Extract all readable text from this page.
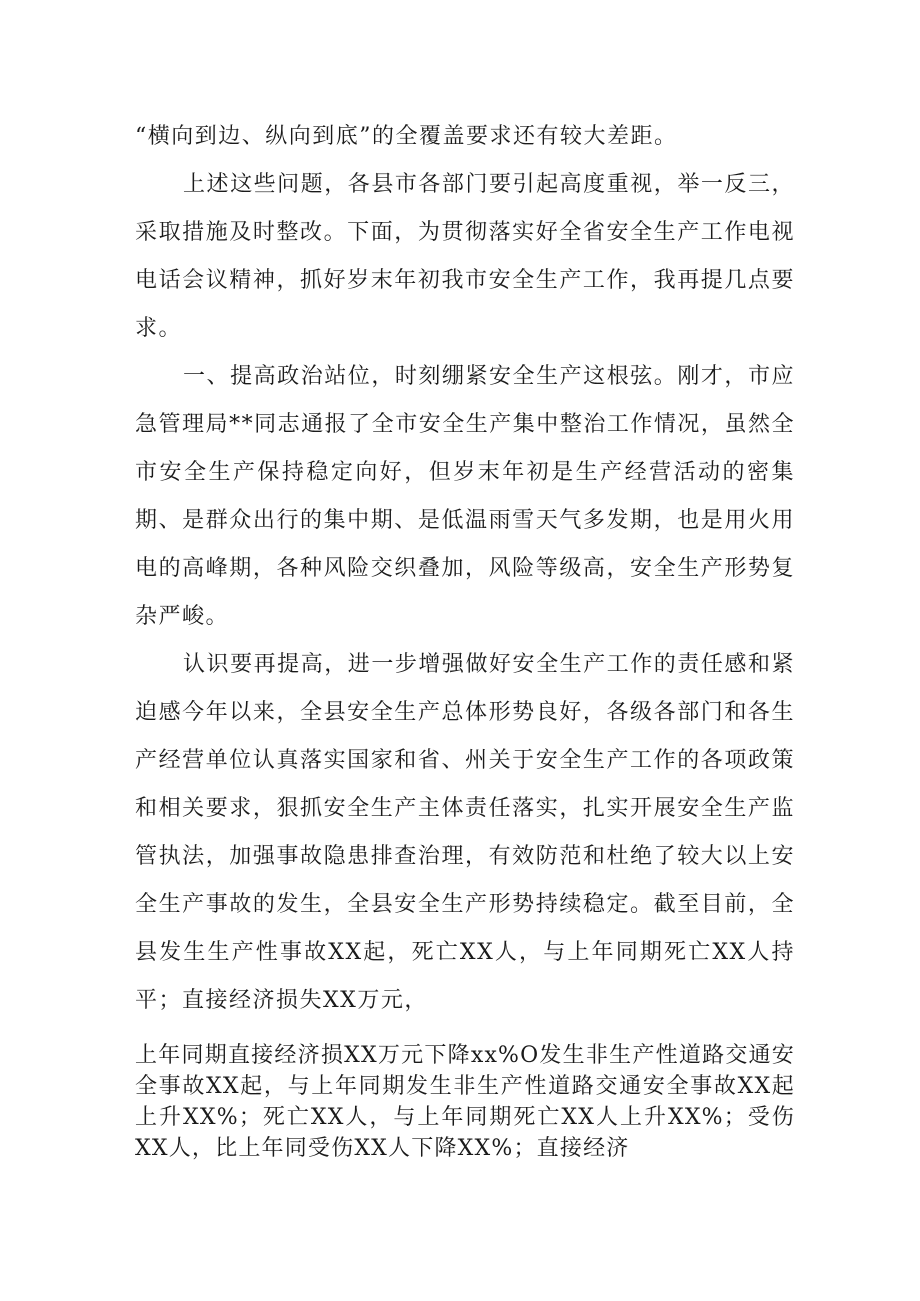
“横向到边、纵向到底”的全覆盖要求还有较大差距。

上述这些问题，各县市各部门要引起高度重视，举一反三，采取措施及时整改。下面，为贯彻落实好全省安全生产工作电视电话会议精神，抓好岁末年初我市安全生产工作，我再提几点要求。

一、提高政治站位，时刻绷紧安全生产这根弦。刚才，市应急管理局**同志通报了全市安全生产集中整治工作情况，虽然全市安全生产保持稳定向好，但岁末年初是生产经营活动的密集期、是群众出行的集中期、是低温雨雪天气多发期，也是用火用电的高峰期，各种风险交织叠加，风险等级高，安全生产形势复杂严峻。

认识要再提高，进一步增强做好安全生产工作的责任感和紧迫感今年以来，全县安全生产总体形势良好，各级各部门和各生产经营单位认真落实国家和省、州关于安全生产工作的各项政策和相关要求，狠抓安全生产主体责任落实，扎实开展安全生产监管执法，加强事故隐患排查治理，有效防范和杜绝了较大以上安全生产事故的发生，全县安全生产形势持续稳定。截至目前，全县发生生产性事故XX起，死亡XX人，与上年同期死亡XX人持平；直接经济损失XX万元，

上年同期直接经济损XX万元下降xx%O发生非生产性道路交通安全事故XX起，与上年同期发生非生产性道路交通安全事故XX起上升XX%；死亡XX人，与上年同期死亡XX人上升XX%；受伤XX人，比上年同受伤XX人下降XX%；直接经济
